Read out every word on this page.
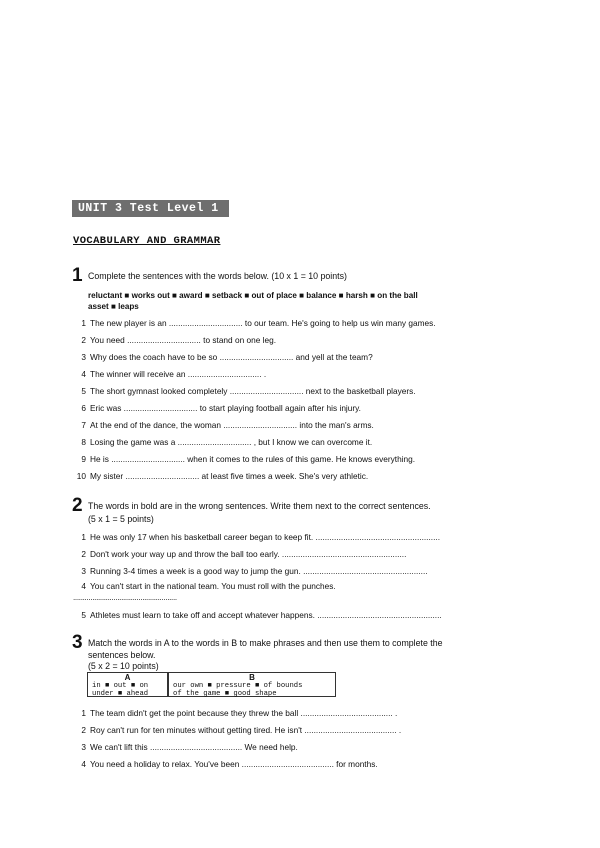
UNIT 3 Test Level 1
VOCABULARY AND GRAMMAR
1 Complete the sentences with the words below. (10 x 1 = 10 points)
reluctant ■ works out ■ award ■ setback ■ out of place ■ balance ■ harsh ■ on the ball
asset ■ leaps
1 The new player is an ................................ to our team. He's going to help us win many games.
2 You need ................................ to stand on one leg.
3 Why does the coach have to be so ................................ and yell at the team?
4 The winner will receive an ................................ .
5 The short gymnast looked completely ................................ next to the basketball players.
6 Eric was ................................ to start playing football again after his injury.
7 At the end of the dance, the woman ................................ into the man's arms.
8 Losing the game was a ................................ , but I know we can overcome it.
9 He is ................................ when it comes to the rules of this game. He knows everything.
10 My sister ................................ at least five times a week. She's very athletic.
2 The words in bold are in the wrong sentences. Write them next to the correct sentences.
(5 x 1 = 5 points)
1 He was only 17 when his basketball career began to keep fit. ......................................................
2 Don't work your way up and throw the ball too early. ......................................................
3 Running 3-4 times a week is a good way to jump the gun. ......................................................
4 You can't start in the national team. You must roll with the punches.
......................................................
5 Athletes must learn to take off and accept whatever happens. ......................................................
3 Match the words in A to the words in B to make phrases and then use them to complete the
sentences below.
(5 x 2 = 10 points)
A
in ■ out ■ on
under ■ ahead
B
our own ■ pressure ■ of bounds
of the game ■ good shape
1 The team didn't get the point because they threw the ball ........................................ .
2 Roy can't run for ten minutes without getting tired. He isn't ........................................ .
3 We can't lift this ........................................ We need help.
4 You need a holiday to relax. You've been ........................................ for months.
